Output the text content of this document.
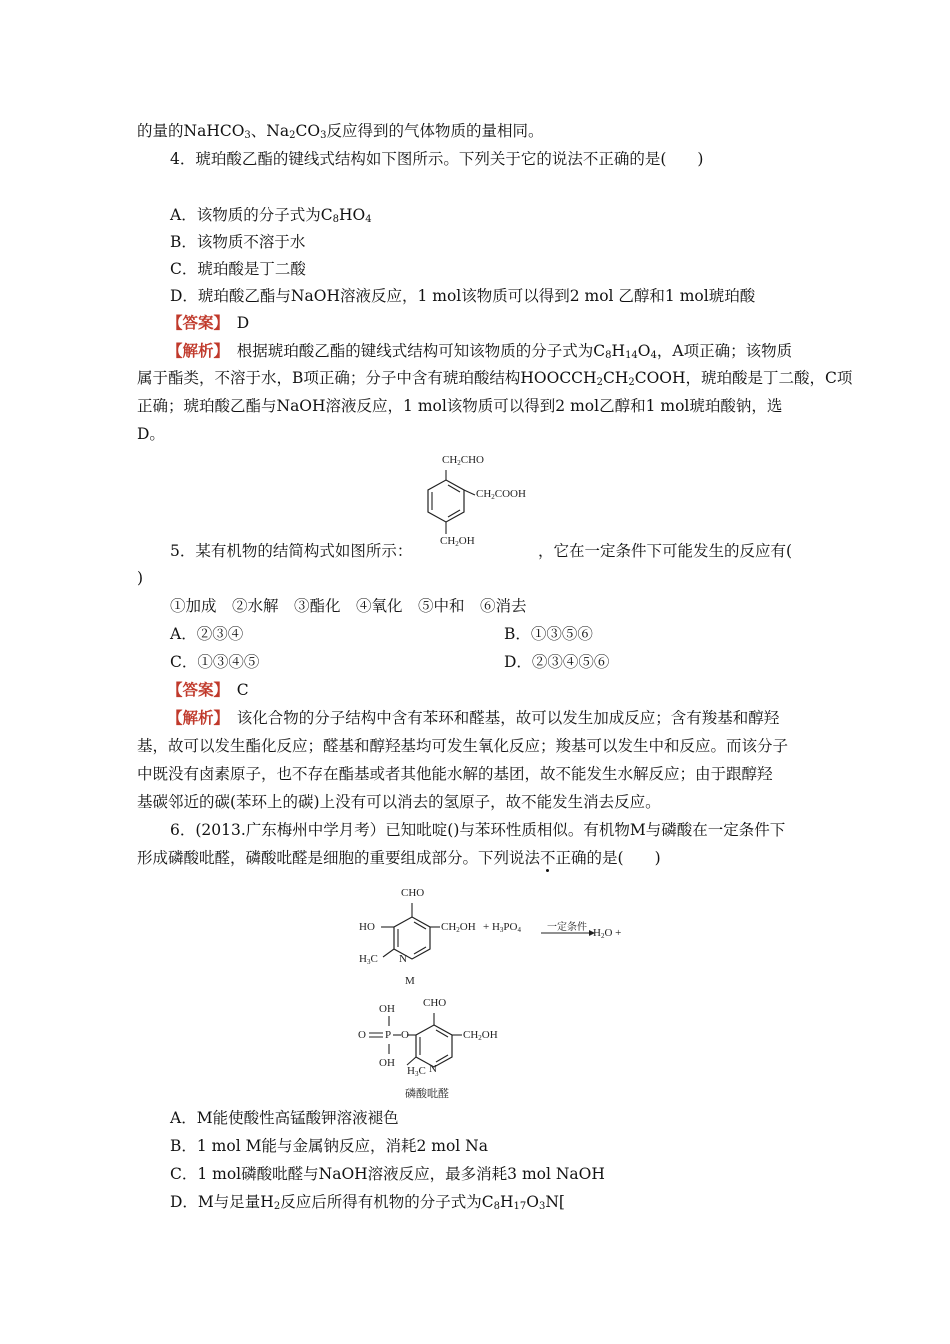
的量的NaHCO$_3$、$Na_2CO_3$反应得到的气体物质的量相同。
4．琥珀酸乙酯的键线式结构如下图所示。下列关于它的说法不正确的是(　　)
A．该物质的分子式为$C_8HO_4$
B．该物质不溶于水
C．琥珀酸是丁二酸
D．琥珀酸乙酯与NaOH溶液反应，1 mol该物质可以得到2 mol 乙醇和1 mol琥珀酸
【答案】　 D
【解析】　 根据琥珀酸乙酯的键线式结构可知该物质的分子式为$C_8H_{14}O_4$，A项正确；该物质
属于酯类，不溶于水，B项正确；分子中含有琥珀酸结构$HOOCCH_2CH_2COOH$，琥珀酸是丁二酸，C项
正确；琥珀酸乙酯与NaOH溶液反应，1 mol该物质可以得到2 mol乙醇和1 mol琥珀酸钠，选
D。
$CH_2CHO$
$CH_2COOH$
$CH_2OH$
5．某有机物的结简构式如图所示：	，它在一定条件下可能发生的反应有(
)
①加成　②水解　③酯化　④氧化　⑤中和　⑥消去
A．②③④	B．①③⑤⑥
C．①③④⑤	D．②③④⑤⑥
【答案】　 C
【解析】　 该化合物的分子结构中含有苯环和醛基，故可以发生加成反应；含有羧基和醇羟
基，故可以发生酯化反应；醛基和醇羟基均可发生氧化反应；羧基可以发生中和反应。而该分子
中既没有卤素原子，也不存在酯基或者其他能水解的基团，故不能发生水解反应；由于跟醇羟
基碳邻近的碳(苯环上的碳)上没有可以消去的氢原子，故不能发生消去反应。
6．(2013.广东梅州中学月考）已知吡啶()与苯环性质相似。有机物M与磷酸在一定条件下
形成磷酸吡醛，磷酸吡醛是细胞的重要组成部分。下列说法不正确的是(　　)
CHO
HO	$CH_2OH + H_3PO_4$	一定条件 $H_2O$ +
$H_3C$ N
M
CHO
OH
O P O
OH
$CH_2OH$
$H_3C$ N
磷酸吡醛
A．M能使酸性高锰酸钾溶液褪色
B．1 mol M能与金属钠反应，消耗2 mol Na
C．1 mol磷酸吡醛与NaOH溶液反应，最多消耗3 mol NaOH
D．M与足量$H_2$反应后所得有机物的分子式为$C_8H_{17}O_3N$[
